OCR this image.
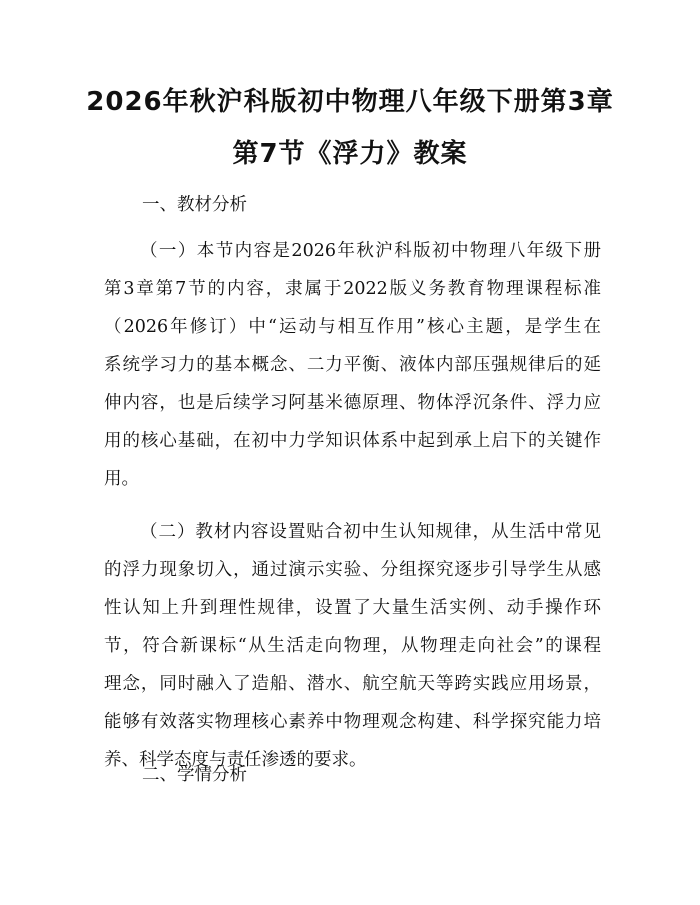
2026年秋沪科版初中物理八年级下册第3章
第7节《浮力》教案
一、教材分析
（一）本节内容是2026年秋沪科版初中物理八年级下册
第3章第7节的内容，隶属于2022版义务教育物理课程标准
（2026年修订）中“运动与相互作用”核心主题，是学生在
系统学习力的基本概念、二力平衡、液体内部压强规律后的延
伸内容，也是后续学习阿基米德原理、物体浮沉条件、浮力应
用的核心基础，在初中力学知识体系中起到承上启下的关键作
用。
（二）教材内容设置贴合初中生认知规律，从生活中常见
的浮力现象切入，通过演示实验、分组探究逐步引导学生从感
性认知上升到理性规律，设置了大量生活实例、动手操作环
节，符合新课标“从生活走向物理，从物理走向社会”的课程
理念，同时融入了造船、潜水、航空航天等跨实践应用场景，
能够有效落实物理核心素养中物理观念构建、科学探究能力培
养、科学态度与责任渗透的要求。
二、学情分析
